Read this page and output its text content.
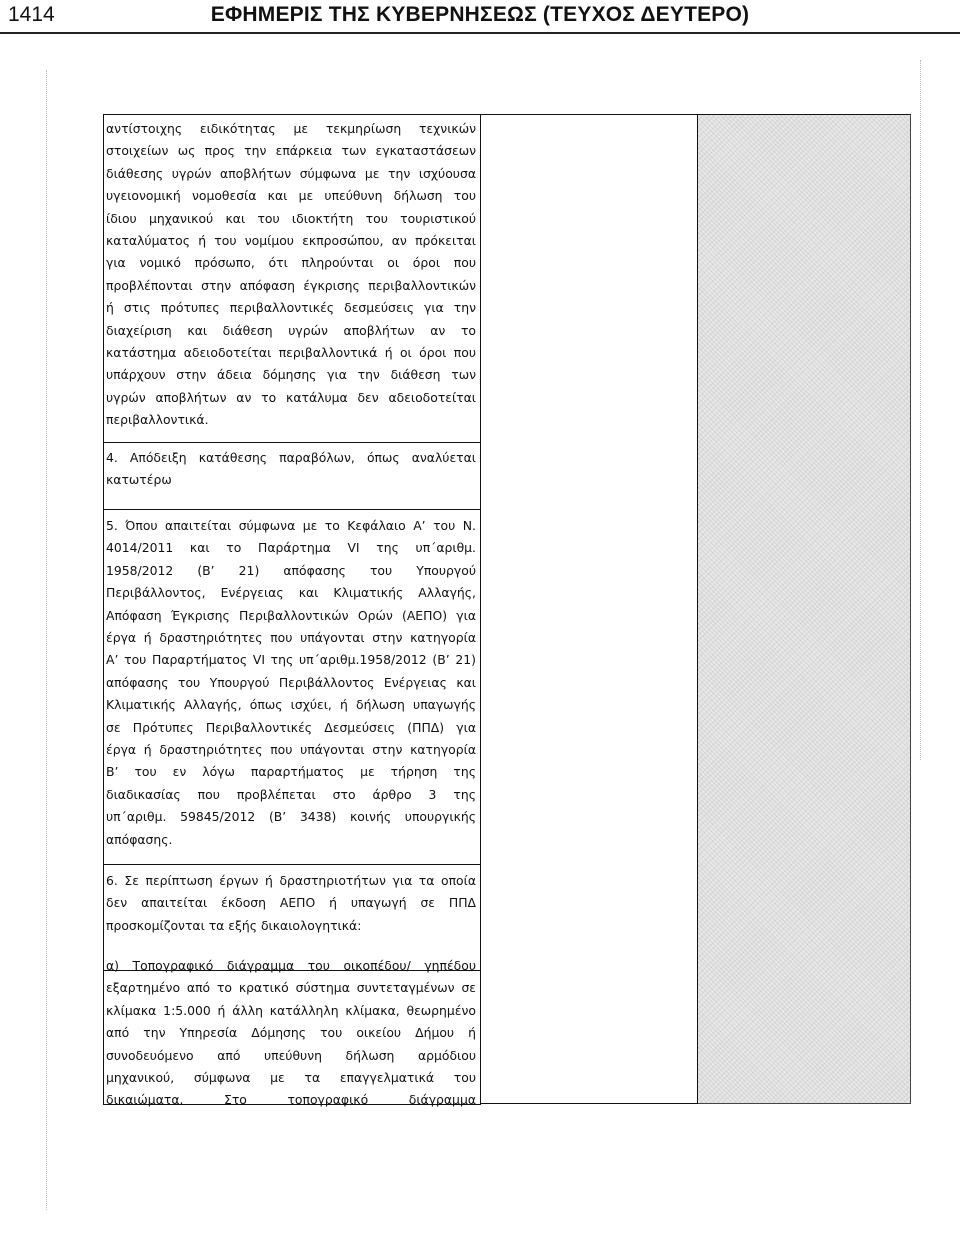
1414	ΕΦΗΜΕΡΙΣ ΤΗΣ ΚΥΒΕΡΝΗΣΕΩΣ (ΤΕΥΧΟΣ ΔΕΥΤΕΡΟ)

αντίστοιχης ειδικότητας με τεκμηρίωση τεχνικών
στοιχείων ως προς την επάρκεια των εγκαταστάσεων
διάθεσης υγρών αποβλήτων σύμφωνα με την ισχύουσα
υγειονομική νομοθεσία και με υπεύθυνη δήλωση του
ίδιου μηχανικού και του ιδιοκτήτη του τουριστικού
καταλύματος ή του νομίμου εκπροσώπου, αν πρόκειται
για νομικό πρόσωπο, ότι πληρούνται οι όροι που
προβλέπονται στην απόφαση έγκρισης περιβαλλοντικών
ή στις πρότυπες περιβαλλοντικές δεσμεύσεις για την
διαχείριση και διάθεση υγρών αποβλήτων αν το
κατάστημα αδειοδοτείται περιβαλλοντικά ή οι όροι που
υπάρχουν στην άδεια δόμησης για την διάθεση των
υγρών αποβλήτων αν το κατάλυμα δεν αδειοδοτείται
περιβαλλοντικά.

4. Απόδειξη κατάθεσης παραβόλων, όπως αναλύεται
κατωτέρω

5. Όπου απαιτείται σύμφωνα με το Κεφάλαιο Α’ του Ν.
4014/2011 και το Παράρτημα VI της υπ΄αριθμ.
1958/2012 (Β’ 21) απόφασης του Υπουργού
Περιβάλλοντος, Ενέργειας και Κλιματικής Αλλαγής,
Απόφαση Έγκρισης Περιβαλλοντικών Ορών (ΑΕΠΟ) για
έργα ή δραστηριότητες που υπάγονται στην κατηγορία
Α’ του Παραρτήματος VI της υπ΄αριθμ.1958/2012 (Β’ 21)
απόφασης του Υπουργού Περιβάλλοντος Ενέργειας και
Κλιματικής Αλλαγής, όπως ισχύει, ή δήλωση υπαγωγής
σε Πρότυπες Περιβαλλοντικές Δεσμεύσεις (ΠΠΔ) για
έργα ή δραστηριότητες που υπάγονται στην κατηγορία
Β’ του εν λόγω παραρτήματος με τήρηση της
διαδικασίας που προβλέπεται στο άρθρο 3 της
υπ΄αριθμ. 59845/2012 (Β’ 3438) κοινής υπουργικής
απόφασης.

6. Σε περίπτωση έργων ή δραστηριοτήτων για τα οποία
δεν απαιτείται έκδοση ΑΕΠΟ ή υπαγωγή σε ΠΠΔ
προσκομίζονται τα εξής δικαιολογητικά:

α) Τοπογραφικό διάγραμμα του οικοπέδου/ γηπέδου
εξαρτημένο από το κρατικό σύστημα συντεταγμένων σε
κλίμακα 1:5.000 ή άλλη κατάλληλη κλίμακα, θεωρημένο
από την Υπηρεσία Δόμησης του οικείου Δήμου ή
συνοδευόμενο από υπεύθυνη δήλωση αρμόδιου
μηχανικού, σύμφωνα με τα επαγγελματικά του
δικαιώματα. Στο τοπογραφικό διάγραμμα
